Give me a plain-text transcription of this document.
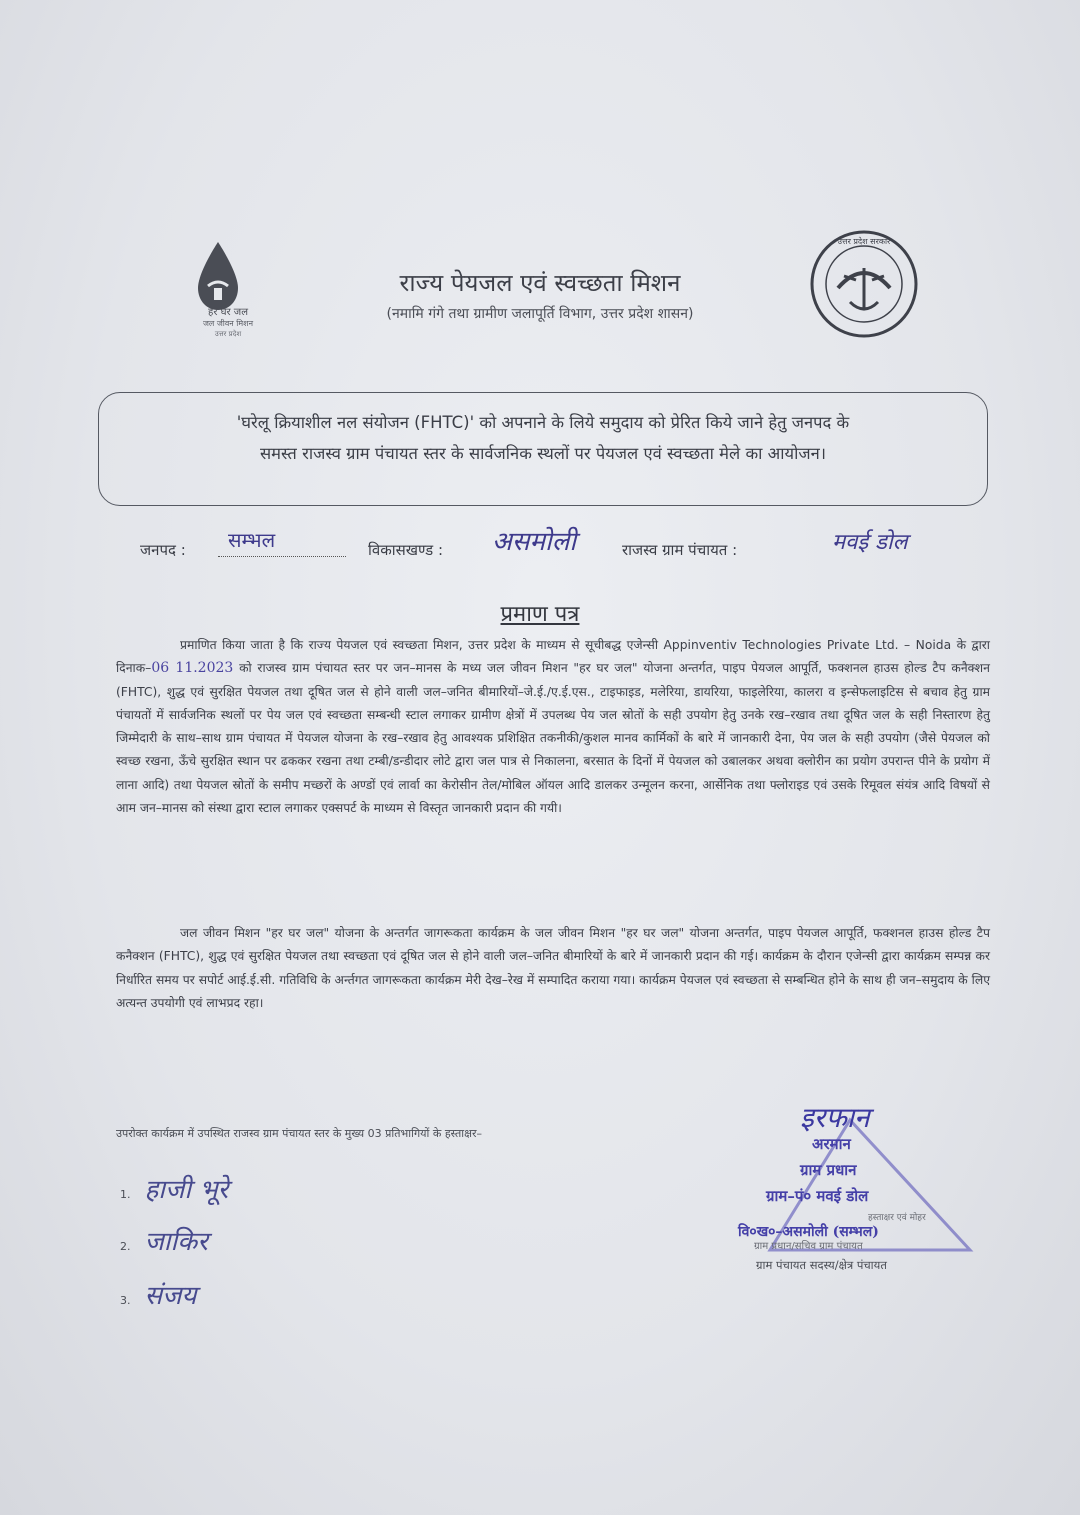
हर घर जल
जल जीवन मिशन
उत्तर प्रदेश
राज्य पेयजल एवं स्वच्छता मिशन
(नमामि गंगे तथा ग्रामीण जलापूर्ति विभाग, उत्तर प्रदेश शासन)
उत्तर प्रदेश सरकार
'घरेलू क्रियाशील नल संयोजन (FHTC)' को अपनाने के लिये समुदाय को प्रेरित किये जाने हेतु जनपद के
समस्त राजस्व ग्राम पंचायत स्तर के सार्वजनिक स्थलों पर पेयजल एवं स्वच्छता मेले का आयोजन।
जनपद : सम्भल	विकासखण्ड : असमोली	राजस्व ग्राम पंचायत :	मवई डोल
प्रमाण पत्र
प्रमाणित किया जाता है कि राज्य पेयजल एवं स्वच्छता मिशन, उत्तर प्रदेश के माध्यम से सूचीबद्ध एजेन्सी Appinventiv Technologies Private Ltd. – Noida के द्वारा दिनाक–06 11.2023 को राजस्व ग्राम पंचायत स्तर पर जन–मानस के मध्य जल जीवन मिशन "हर घर जल" योजना अन्तर्गत, पाइप पेयजल आपूर्ति, फक्शनल हाउस होल्ड टैप कनैक्शन (FHTC), शुद्ध एवं सुरक्षित पेयजल तथा दूषित जल से होने वाली जल–जनित बीमारियों–जे.ई./ए.ई.एस., टाइफाइड, मलेरिया, डायरिया, फाइलेरिया, कालरा व इन्सेफलाइटिस से बचाव हेतु ग्राम पंचायतों में सार्वजनिक स्थलों पर पेय जल एवं स्वच्छता सम्बन्धी स्टाल लगाकर ग्रामीण क्षेत्रों में उपलब्ध पेय जल स्रोतों के सही उपयोग हेतु उनके रख–रखाव तथा दूषित जल के सही निस्तारण हेतु जिम्मेदारी के साथ–साथ ग्राम पंचायत में पेयजल योजना के रख–रखाव हेतु आवश्यक प्रशिक्षित तकनीकी/कुशल मानव कार्मिकों के बारे में जानकारी देना, पेय जल के सही उपयोग (जैसे पेयजल को स्वच्छ रखना, ऊँचे सुरक्षित स्थान पर ढककर रखना तथा टम्बी/डन्डीदार लोटे द्वारा जल पात्र से निकालना, बरसात के दिनों में पेयजल को उबालकर अथवा क्लोरीन का प्रयोग उपरान्त पीने के प्रयोग में लाना आदि) तथा पेयजल स्रोतों के समीप मच्छरों के अण्डों एवं लार्वा का केरोसीन तेल/मोबिल ऑयल आदि डालकर उन्मूलन करना, आर्सेनिक तथा फ्लोराइड एवं उसके रिमूवल संयंत्र आदि विषयों से आम जन–मानस को संस्था द्वारा स्टाल लगाकर एक्सपर्ट के माध्यम से विस्तृत जानकारी प्रदान की गयी।
जल जीवन मिशन "हर घर जल" योजना के अन्तर्गत जागरूकता कार्यक्रम के जल जीवन मिशन "हर घर जल" योजना अन्तर्गत, पाइप पेयजल आपूर्ति, फक्शनल हाउस होल्ड टैप कनैक्शन (FHTC), शुद्ध एवं सुरक्षित पेयजल तथा स्वच्छता एवं दूषित जल से होने वाली जल–जनित बीमारियों के बारे में जानकारी प्रदान की गई। कार्यक्रम के दौरान एजेन्सी द्वारा कार्यक्रम सम्पन्न कर निर्धारित समय पर सपोर्ट आई.ई.सी. गतिविधि के अर्न्तगत जागरूकता कार्यक्रम मेरी देख–रेख में सम्पादित कराया गया। कार्यक्रम पेयजल एवं स्वच्छता से सम्बन्धित होने के साथ ही जन–समुदाय के लिए अत्यन्त उपयोगी एवं लाभप्रद रहा।
उपरोक्त कार्यक्रम में उपस्थित राजस्व ग्राम पंचायत स्तर के मुख्य 03 प्रतिभागियों के हस्ताक्षर–
1. हाजी भूरे
2. जाकिर
3. संजय
इरफान
अरमान
ग्राम प्रधान
ग्राम–पं० मवई डोल
हस्ताक्षर एवं मोहर
वि०ख०–असमोली (सम्भल)
ग्राम प्रधान/सचिव ग्राम पंचायत
ग्राम पंचायत सदस्य/क्षेत्र पंचायत
